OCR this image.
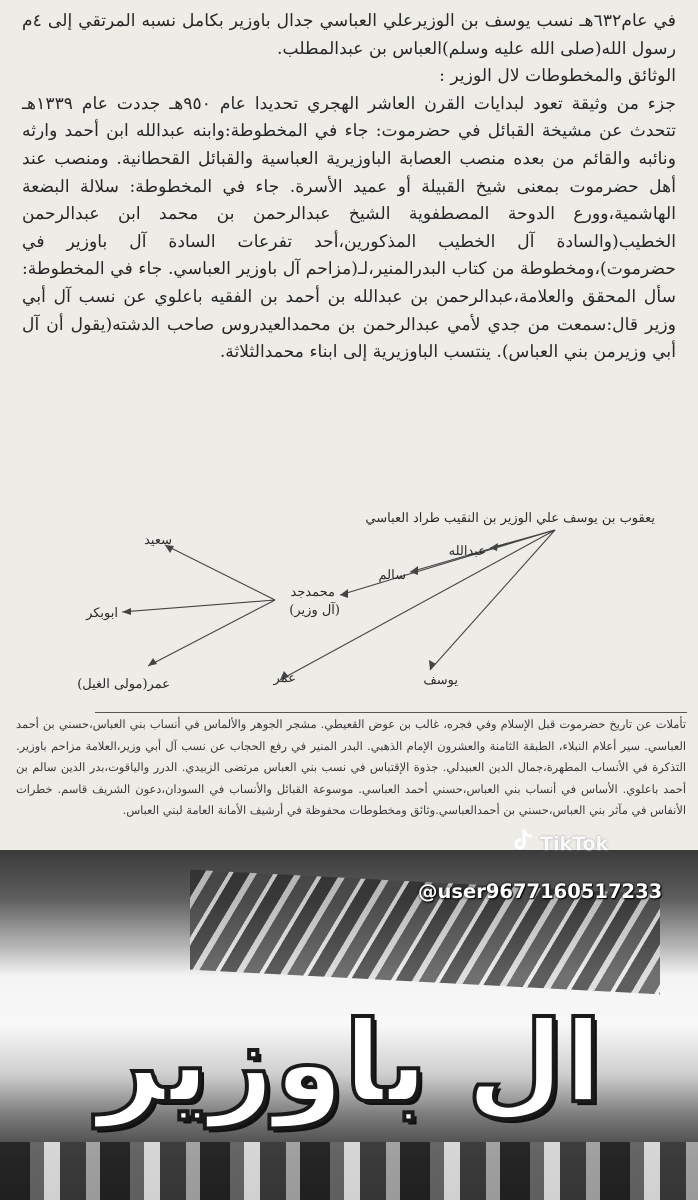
في عام٦٣٢هـ نسب يوسف بن الوزيرعلي العباسي جدال باوزير بكامل نسبه المرتقي إلى ٤م رسول الله(صلى الله عليه وسلم)العباس بن عبدالمطلب.

الوثائق والمخطوطات لال الوزير :

جزء من وثيقة تعود لبدايات القرن العاشر الهجري تحديدا عام ٩٥٠هـ جددت عام ١٣٣٩هـ تتحدث عن مشيخة القبائل في حضرموت: جاء في المخطوطة:وابنه عبدالله ابن أحمد وارثه ونائبه والقائم من بعده منصب العصابة الباوزيرية العباسية والقبائل القحطانية. ومنصب عند أهل حضرموت بمعنى شيخ القبيلة أو عميد الأسرة. جاء في المخطوطة: سلالة البضعة الهاشمية،وورع الدوحة المصطفوية الشيخ عبدالرحمن بن محمد ابن عبدالرحمن الخطيب(والسادة آل الخطيب المذكورين،أحد تفرعات السادة آل باوزير في حضرموت)،ومخطوطة من كتاب البدرالمنير،لـ(مزاحم آل باوزير العباسي. جاء في المخطوطة: سأل المحقق والعلامة،عبدالرحمن بن عبدالله بن أحمد بن الفقيه باعلوي عن نسب آل أبي وزير قال:سمعت من جدي لأمي عبدالرحمن بن محمدالعيدروس صاحب الدشته(يقول أن آل أبي وزيرمن بني العباس). ينتسب الباوزيرية إلى ابناء محمدالثلاثة.

يعقوب بن يوسف علي الوزير بن النقيب طراد العباسي
عبدالله
سالم
محمدجد
(آل وزير)
سعيد
ابوبكر
عمر(مولى الغيل)	عمر	يوسف
تأملات عن تاريخ حضرموت قبل الإسلام وفي فجره، غالب بن عوض القعيطي. مشجر الجوهر والألماس في أنساب بني العباس،حسني بن أحمد العباسي. سير أعلام النبلاء، الطبقة الثامنة والعشرون الإمام الذهبي. البدر المنير في رفع الحجاب عن نسب آل أبي وزير،العلامة مزاحم باوزير. التذكرة في الأنساب المطهرة،جمال الدين العبيدلي. جذوة الإقتباس في نسب بني العباس مرتضى الزبيدي. الدرر والياقوت،بدر الدين سالم بن أحمد باعلوي. الأساس في أنساب بني العباس،حسني أحمد العباسي. موسوعة القبائل والأنساب في السودان،دعون الشريف قاسم. خطرات الأنفاس في مآثر بني العباس،حسني بن أحمدالعباسي.وثائق ومخطوطات محفوظة في أرشيف الأمانة العامة لبني العباس.
ال باوزير
TikTok
@user9677160517233
